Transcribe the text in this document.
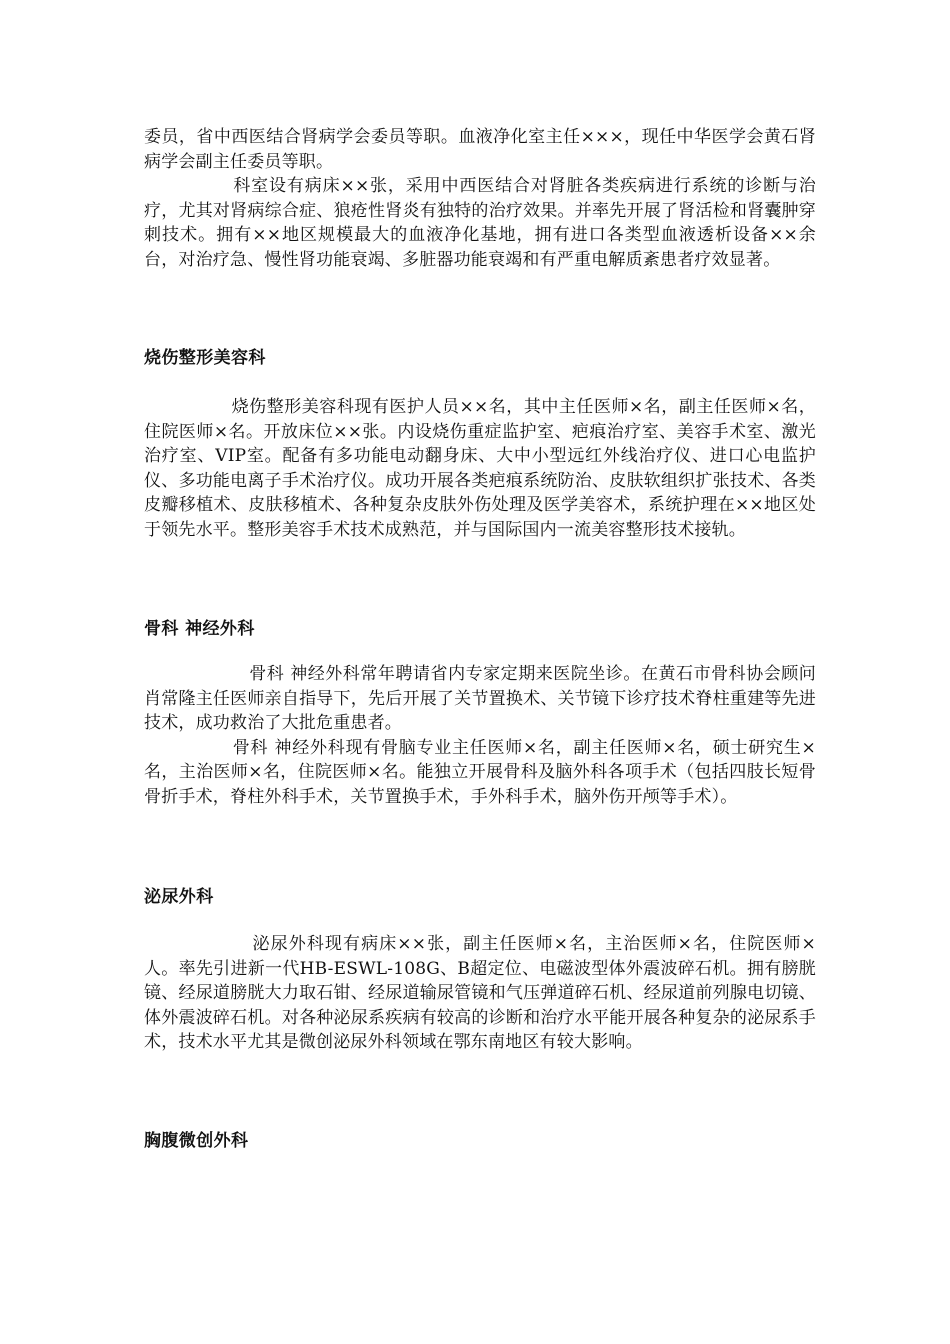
委员，省中西医结合肾病学会委员等职。血液净化室主任×××，现任中华医学会黄石肾病学会副主任委员等职。

　　　　　科室设有病床××张，采用中西医结合对肾脏各类疾病进行系统的诊断与治疗，尤其对肾病综合症、狼疮性肾炎有独特的治疗效果。并率先开展了肾活检和肾囊肿穿刺技术。拥有××地区规模最大的血液净化基地，拥有进口各类型血液透析设备××余台，对治疗急、慢性肾功能衰竭、多脏器功能衰竭和有严重电解质紊患者疗效显著。

烧伤整形美容科

　　　　　烧伤整形美容科现有医护人员××名，其中主任医师×名，副主任医师×名，住院医师×名。开放床位××张。内设烧伤重症监护室、疤痕治疗室、美容手术室、激光治疗室、VIP室。配备有多功能电动翻身床、大中小型远红外线治疗仪、进口心电监护仪、多功能电离子手术治疗仪。成功开展各类疤痕系统防治、皮肤软组织扩张技术、各类皮瓣移植术、皮肤移植术、各种复杂皮肤外伤处理及医学美容术，系统护理在××地区处于领先水平。整形美容手术技术成熟范，并与国际国内一流美容整形技术接轨。

骨科 神经外科

　　　　　　骨科 神经外科常年聘请省内专家定期来医院坐诊。在黄石市骨科协会顾问肖常隆主任医师亲自指导下，先后开展了关节置换术、关节镜下诊疗技术脊柱重建等先进技术，成功救治了大批危重患者。

　　　　　骨科 神经外科现有骨脑专业主任医师×名，副主任医师×名，硕士研究生×名，主治医师×名，住院医师×名。能独立开展骨科及脑外科各项手术（包括四肢长短骨骨折手术，脊柱外科手术，关节置换手术，手外科手术，脑外伤开颅等手术）。

泌尿外科

　　　　　　泌尿外科现有病床××张，副主任医师×名，主治医师×名，住院医师×人。率先引进新一代HB-ESWL-108G、B超定位、电磁波型体外震波碎石机。拥有膀胱镜、经尿道膀胱大力取石钳、经尿道输尿管镜和气压弹道碎石机、经尿道前列腺电切镜、体外震波碎石机。对各种泌尿系疾病有较高的诊断和治疗水平能开展各种复杂的泌尿系手术，技术水平尤其是微创泌尿外科领域在鄂东南地区有较大影响。

胸腹微创外科
